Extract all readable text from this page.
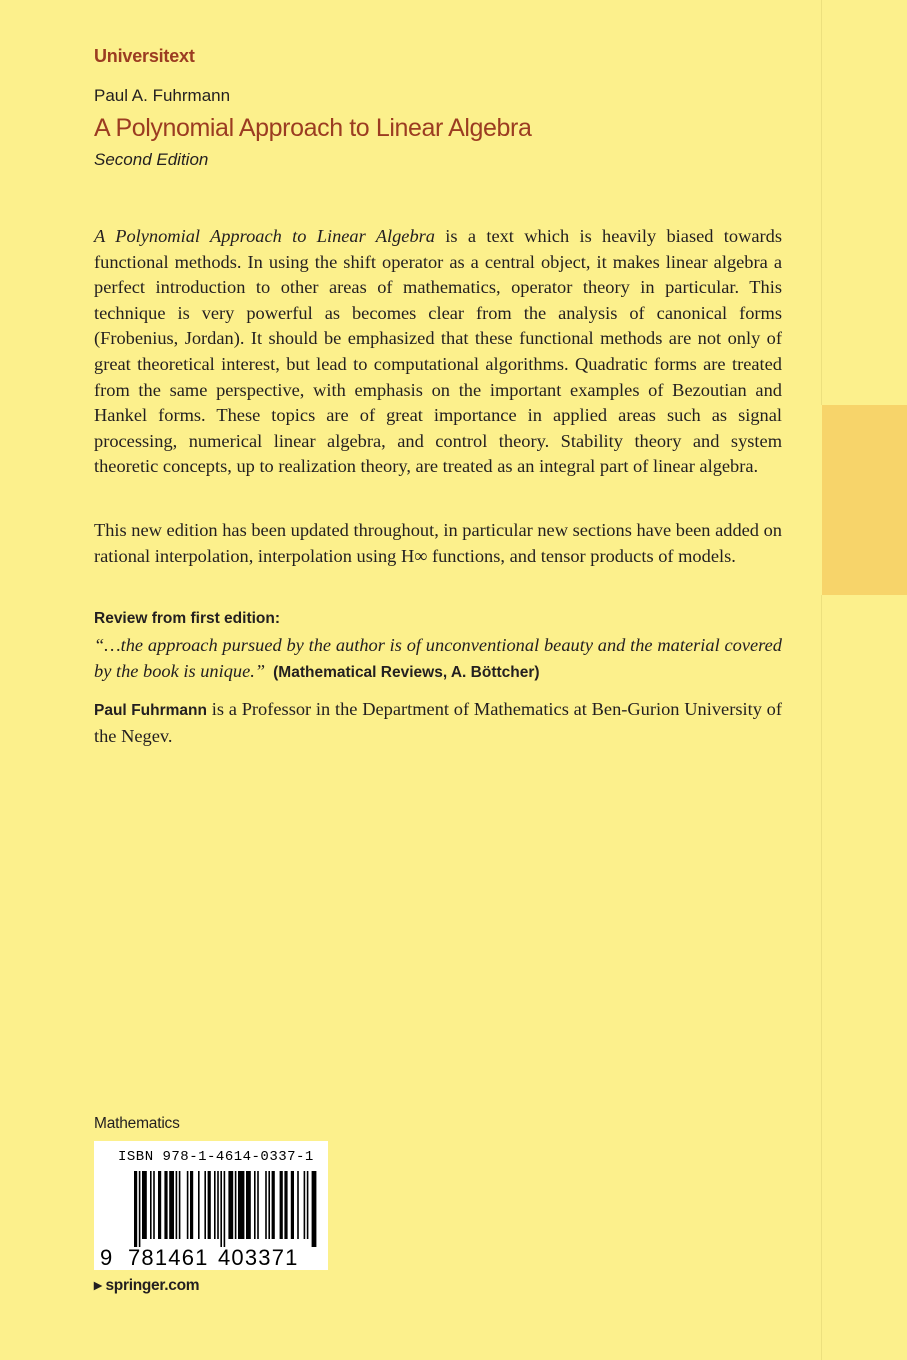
Universitext
Paul A. Fuhrmann
A Polynomial Approach to Linear Algebra
Second Edition
A Polynomial Approach to Linear Algebra is a text which is heavily biased towards functional methods. In using the shift operator as a central object, it makes linear algebra a perfect introduction to other areas of mathematics, operator theory in particular. This technique is very powerful as becomes clear from the analysis of canonical forms (Frobenius, Jordan). It should be emphasized that these functional methods are not only of great theoretical interest, but lead to computational algorithms. Quadratic forms are treated from the same perspective, with emphasis on the important examples of Bezoutian and Hankel forms. These topics are of great importance in applied areas such as signal processing, numerical linear algebra, and control theory. Stability theory and system theoretic concepts, up to realization theory, are treated as an integral part of linear algebra.
This new edition has been updated throughout, in particular new sections have been added on rational interpolation, interpolation using H∞ functions, and tensor products of models.
Review from first edition:
“…the approach pursued by the author is of unconventional beauty and the material covered by the book is unique.” (Mathematical Reviews, A. Böttcher)
Paul Fuhrmann is a Professor in the Department of Mathematics at Ben-Gurion University of the Negev.
Mathematics
ISBN 978-1-4614-0337-1
9 781461 403371
▸ springer.com
